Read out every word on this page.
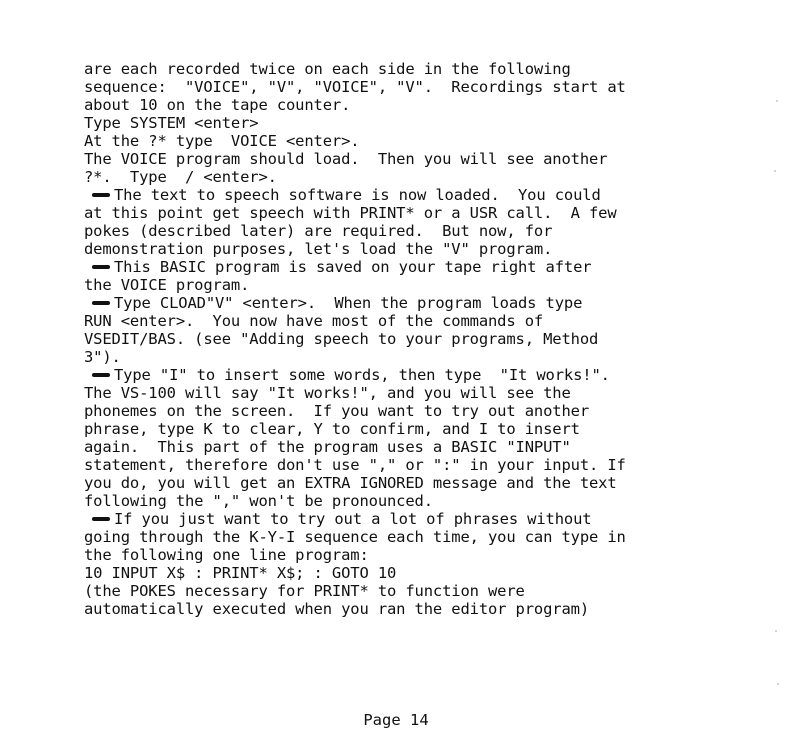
are each recorded twice on each side in the following
sequence:  "VOICE", "V", "VOICE", "V".  Recordings start at
about 10 on the tape counter.
Type SYSTEM <enter>
At the ?* type  VOICE <enter>.
The VOICE program should load.  Then you will see another
?*.  Type  / <enter>.
The text to speech software is now loaded.  You could
at this point get speech with PRINT* or a USR call.  A few
pokes (described later) are required.  But now, for
demonstration purposes, let's load the "V" program.
This BASIC program is saved on your tape right after
the VOICE program.
Type CLOAD"V" <enter>.  When the program loads type
RUN <enter>.  You now have most of the commands of
VSEDIT/BAS. (see "Adding speech to your programs, Method
3").
Type "I" to insert some words, then type  "It works!".
The VS-100 will say "It works!", and you will see the
phonemes on the screen.  If you want to try out another
phrase, type K to clear, Y to confirm, and I to insert
again.  This part of the program uses a BASIC "INPUT"
statement, therefore don't use "," or ":" in your input. If
you do, you will get an EXTRA IGNORED message and the text
following the "," won't be pronounced.
If you just want to try out a lot of phrases without
going through the K-Y-I sequence each time, you can type in
the following one line program:
10 INPUT X$ : PRINT* X$; : GOTO 10
(the POKES necessary for PRINT* to function were
automatically executed when you ran the editor program)
Page 14
